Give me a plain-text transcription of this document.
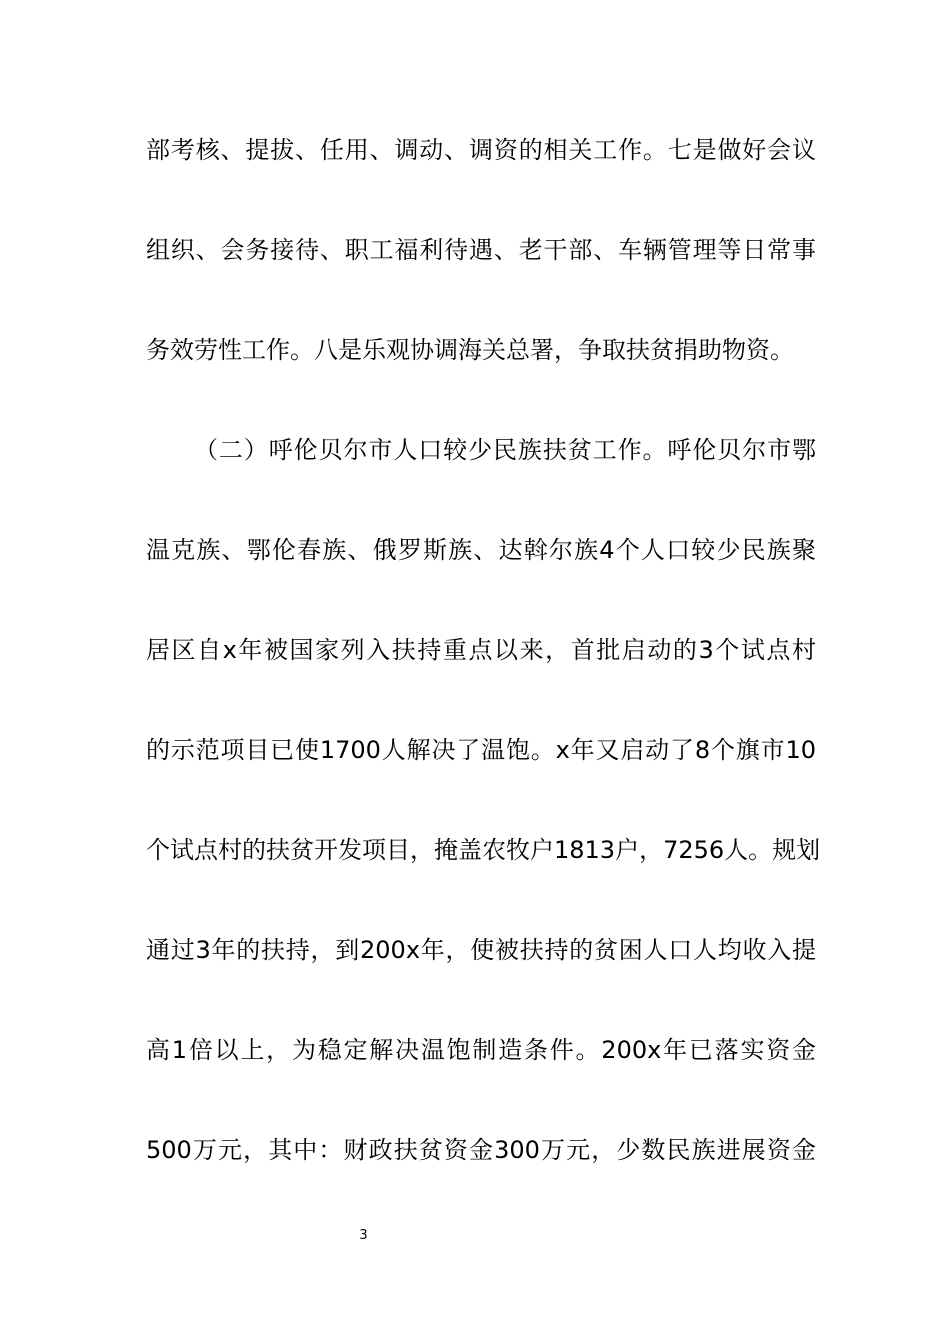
部考核、提拔、任用、调动、调资的相关工作。七是做好会议
组织、会务接待、职工福利待遇、老干部、车辆管理等日常事
务效劳性工作。八是乐观协调海关总署，争取扶贫捐助物资。
（二）呼伦贝尔市人口较少民族扶贫工作。呼伦贝尔市鄂
温克族、鄂伦春族、俄罗斯族、达斡尔族4个人口较少民族聚
居区自x年被国家列入扶持重点以来，首批启动的3个试点村
的示范项目已使1700人解决了温饱。x年又启动了8个旗市10
个试点村的扶贫开发项目，掩盖农牧户1813户，7256人。规划
通过3年的扶持，到200x年，使被扶持的贫困人口人均收入提
高1倍以上，为稳定解决温饱制造条件。200x年已落实资金
500万元，其中：财政扶贫资金300万元，少数民族进展资金
3
